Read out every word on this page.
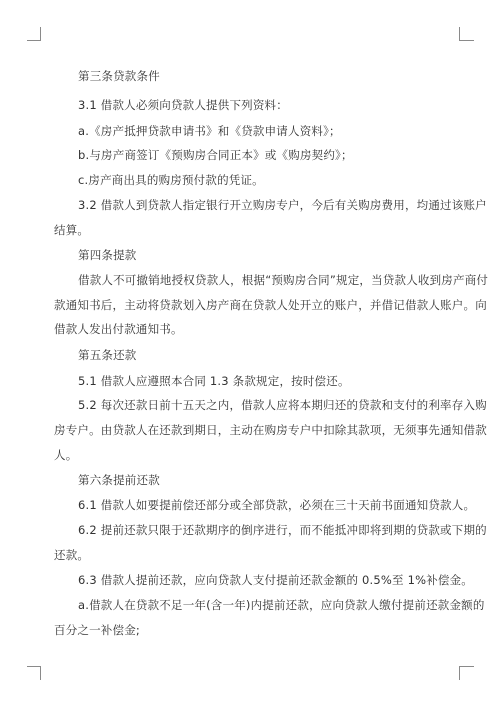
第三条贷款条件
3.1 借款人必须向贷款人提供下列资料：
a.《房产抵押贷款申请书》和《贷款申请人资料》；
b.与房产商签订《预购房合同正本》或《购房契约》；
c.房产商出具的购房预付款的凭证。
3.2 借款人到贷款人指定银行开立购房专户，今后有关购房费用，均通过该账户
结算。
第四条提款
借款人不可撤销地授权贷款人，根据“预购房合同”规定，当贷款人收到房产商付
款通知书后，主动将贷款划入房产商在贷款人处开立的账户，并借记借款人账户。向
借款人发出付款通知书。
第五条还款
5.1 借款人应遵照本合同 1.3 条款规定，按时偿还。
5.2 每次还款日前十五天之内，借款人应将本期归还的贷款和支付的利率存入购
房专户。由贷款人在还款到期日，主动在购房专户中扣除其款项，无须事先通知借款
人。
第六条提前还款
6.1 借款人如要提前偿还部分或全部贷款，必须在三十天前书面通知贷款人。
6.2 提前还款只限于还款期序的倒序进行，而不能抵冲即将到期的贷款或下期的
还款。
6.3 借款人提前还款，应向贷款人支付提前还款金额的 0.5%至 1%补偿金。
a.借款人在贷款不足一年(含一年)内提前还款，应向贷款人缴付提前还款金额的
百分之一补偿金;
